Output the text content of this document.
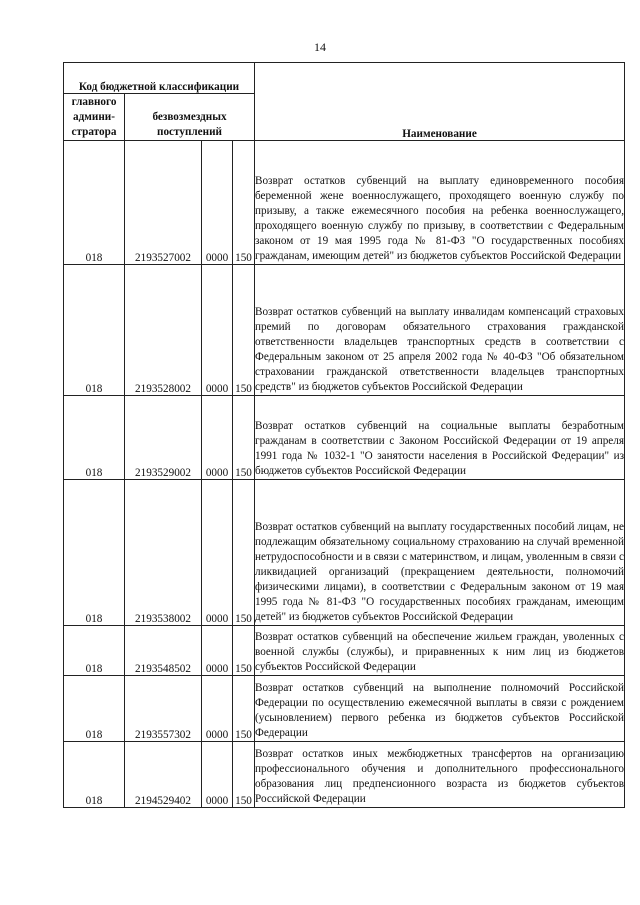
14
Код бюджетной классификации				Наименование
главного админи-стратора	безвозмездных поступлений			
018	2193527002	0000	150	Возврат остатков субвенций на выплату единовременного пособия беременной жене военнослужащего, проходящего военную службу по призыву, а также ежемесячного пособия на ребенка военнослужащего, проходящего военную службу по призыву, в соответствии с Федеральным законом от 19 мая 1995 года № 81-ФЗ "О государственных пособиях гражданам, имеющим детей" из бюджетов субъектов Российской Федерации
018	2193528002	0000	150	Возврат остатков субвенций на выплату инвалидам компенсаций страховых премий по договорам обязательного страхования гражданской ответственности владельцев транспортных средств в соответствии с Федеральным законом от 25 апреля 2002 года № 40-ФЗ "Об обязательном страховании гражданской ответственности владельцев транспортных средств" из бюджетов субъектов Российской Федерации
018	2193529002	0000	150	Возврат остатков субвенций на социальные выплаты безработным гражданам в соответствии с Законом Российской Федерации от 19 апреля 1991 года № 1032-1 "О занятости населения в Российской Федерации" из бюджетов субъектов Российской Федерации
018	2193538002	0000	150	Возврат остатков субвенций на выплату государственных пособий лицам, не подлежащим обязательному социальному страхованию на случай временной нетрудоспособности и в связи с материнством, и лицам, уволенным в связи с ликвидацией организаций (прекращением деятельности, полномочий физическими лицами), в соответствии с Федеральным законом от 19 мая 1995 года № 81-ФЗ "О государственных пособиях гражданам, имеющим детей" из бюджетов субъектов Российской Федерации
018	2193548502	0000	150	Возврат остатков субвенций на обеспечение жильем граждан, уволенных с военной службы (службы), и приравненных к ним лиц из бюджетов субъектов Российской Федерации
018	2193557302	0000	150	Возврат остатков субвенций на выполнение полномочий Российской Федерации по осуществлению ежемесячной выплаты в связи с рождением (усыновлением) первого ребенка из бюджетов субъектов Российской Федерации
018	2194529402	0000	150	Возврат остатков иных межбюджетных трансфертов на организацию профессионального обучения и дополнительного профессионального образования лиц предпенсионного возраста из бюджетов субъектов Российской Федерации
